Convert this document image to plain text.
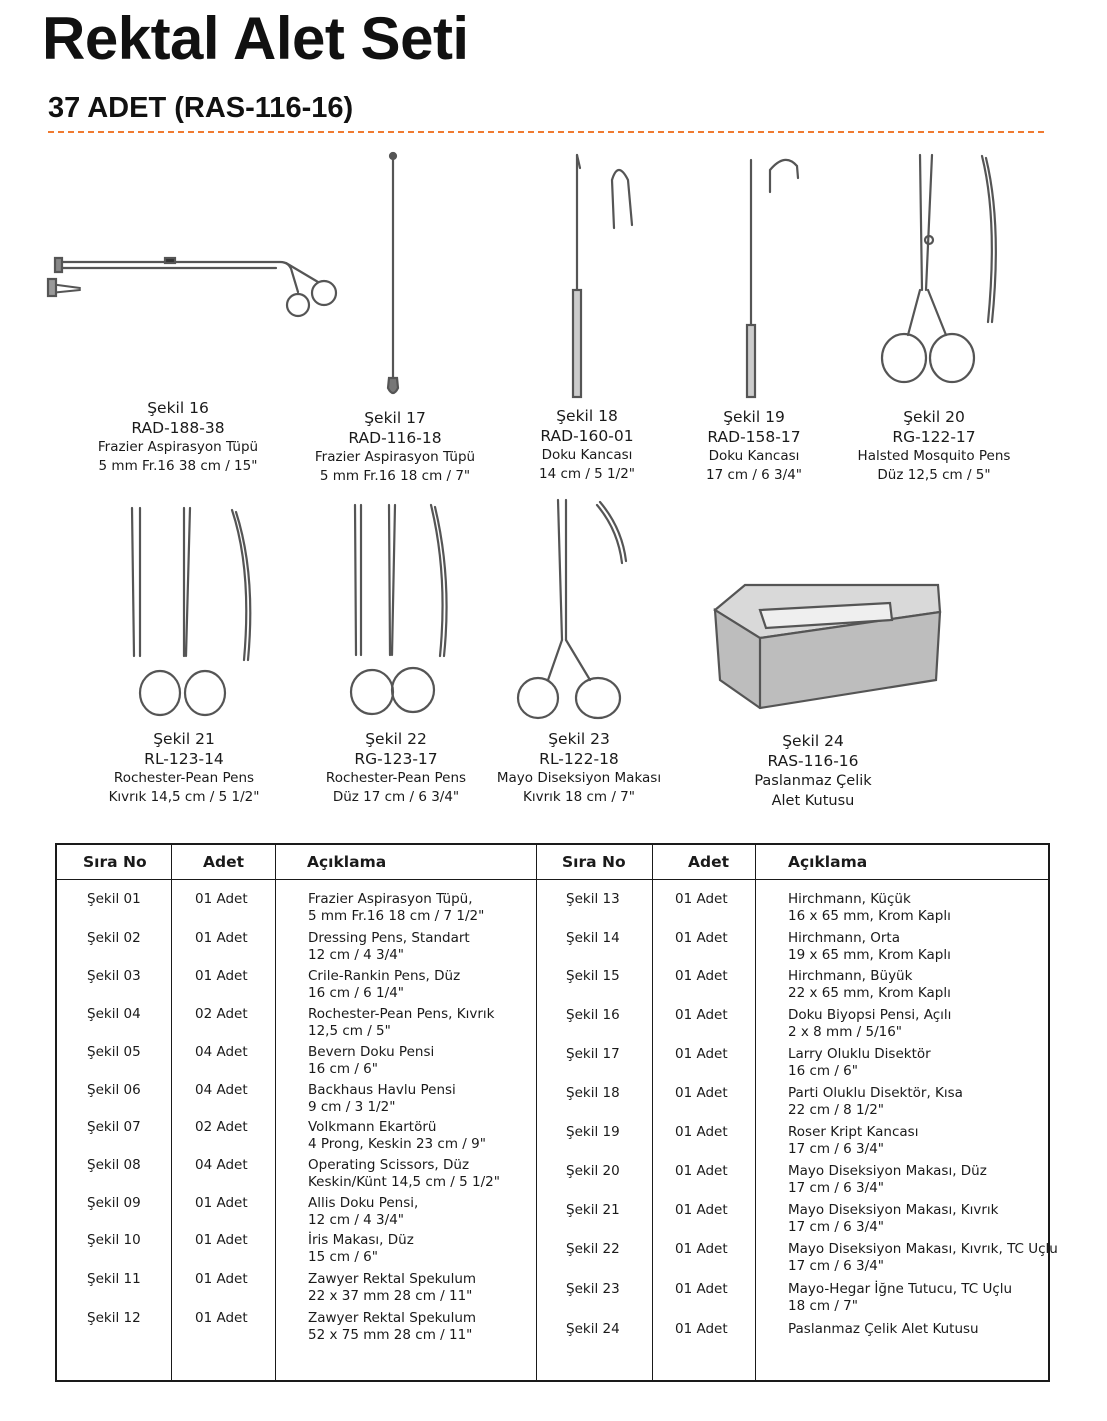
Rektal Alet Seti
37 ADET (RAS-116-16)
Şekil 16
RAD-188-38
Frazier Aspirasyon Tüpü
5 mm Fr.16 38 cm / 15"
Şekil 17
RAD-116-18
Frazier Aspirasyon Tüpü
5 mm Fr.16 18 cm / 7"
Şekil 18
RAD-160-01
Doku Kancası
14 cm / 5 1/2"
Şekil 19
RAD-158-17
Doku Kancası
17 cm / 6 3/4"
Şekil 20
RG-122-17
Halsted Mosquito Pens
Düz 12,5 cm / 5"
Şekil 21
RL-123-14
Rochester-Pean Pens
Kıvrık 14,5 cm / 5 1/2"
Şekil 22
RG-123-17
Rochester-Pean Pens
Düz 17 cm / 6 3/4"
Şekil 23
RL-122-18
Mayo Diseksiyon Makası
Kıvrık 18 cm / 7"
Şekil 24
RAS-116-16
Paslanmaz Çelik
Alet Kutusu
Sıra No	Adet	Açıklama	Sıra No	Adet	Açıklama
Şekil 01	01 Adet	Frazier Aspirasyon Tüpü,
5 mm Fr.16 18 cm / 7 1/2"
Şekil 02	01 Adet	Dressing Pens, Standart
12 cm / 4 3/4"
Şekil 03	01 Adet	Crile-Rankin Pens, Düz
16 cm / 6 1/4"
Şekil 04	02 Adet	Rochester-Pean Pens, Kıvrık
12,5 cm / 5"
Şekil 05	04 Adet	Bevern Doku Pensi
16 cm / 6"
Şekil 06	04 Adet	Backhaus Havlu Pensi
9 cm / 3 1/2"
Şekil 07	02 Adet	Volkmann Ekartörü
4 Prong, Keskin 23 cm / 9"
Şekil 08	04 Adet	Operating Scissors, Düz
Keskin/Künt 14,5 cm / 5 1/2"
Şekil 09	01 Adet	Allis Doku Pensi,
12 cm / 4 3/4"
Şekil 10	01 Adet	İris Makası, Düz
15 cm / 6"
Şekil 11	01 Adet	Zawyer Rektal Spekulum
22 x 37 mm 28 cm / 11"
Şekil 12	01 Adet	Zawyer Rektal Spekulum
52 x 75 mm 28 cm / 11"
Şekil 13	01 Adet	Hirchmann, Küçük
16 x 65 mm, Krom Kaplı
Şekil 14	01 Adet	Hirchmann, Orta
19 x 65 mm, Krom Kaplı
Şekil 15	01 Adet	Hirchmann, Büyük
22 x 65 mm, Krom Kaplı
Şekil 16	01 Adet	Doku Biyopsi Pensi, Açılı
2 x 8 mm / 5/16"
Şekil 17	01 Adet	Larry Oluklu Disektör
16 cm / 6"
Şekil 18	01 Adet	Parti Oluklu Disektör, Kısa
22 cm / 8 1/2"
Şekil 19	01 Adet	Roser Kript Kancası
17 cm / 6 3/4"
Şekil 20	01 Adet	Mayo Diseksiyon Makası, Düz
17 cm / 6 3/4"
Şekil 21	01 Adet	Mayo Diseksiyon Makası, Kıvrık
17 cm / 6 3/4"
Şekil 22	01 Adet	Mayo Diseksiyon Makası, Kıvrık, TC Uçlu
17 cm / 6 3/4"
Şekil 23	01 Adet	Mayo-Hegar İğne Tutucu, TC Uçlu
18 cm / 7"
Şekil 24	01 Adet	Paslanmaz Çelik Alet Kutusu
